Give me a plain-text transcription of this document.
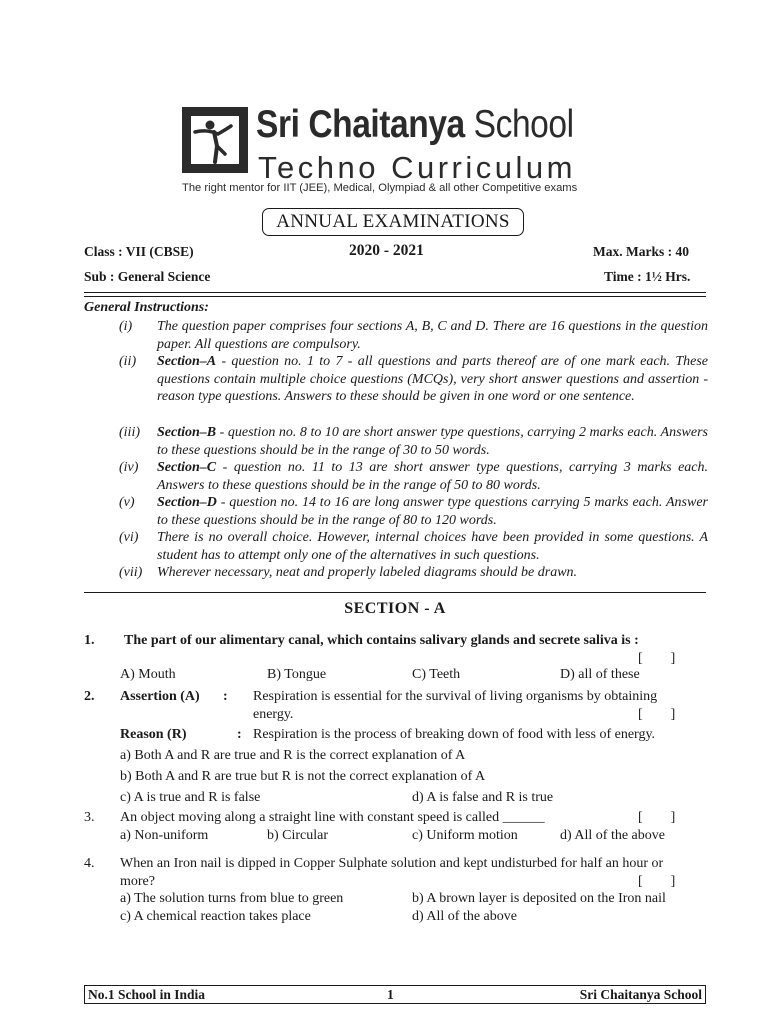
Sri Chaitanya School
Techno Curriculum
The right mentor for IIT (JEE), Medical, Olympiad & all other Competitive exams
ANNUAL EXAMINATIONS
Class : VII (CBSE)	2020 - 2021	Max. Marks : 40
Sub : General Science	Time : 1½ Hrs.
General Instructions:
(i) The question paper comprises four sections A, B, C and D. There are 16 questions in the question paper. All questions are compulsory.
(ii) Section–A - question no. 1 to 7 - all questions and parts thereof are of one mark each. These questions contain multiple choice questions (MCQs), very short answer questions and assertion - reason type questions. Answers to these should be given in one word or one sentence.
(iii) Section–B - question no. 8 to 10 are short answer type questions, carrying 2 marks each. Answers to these questions should be in the range of 30 to 50 words.
(iv) Section–C - question no. 11 to 13 are short answer type questions, carrying 3 marks each. Answers to these questions should be in the range of 50 to 80 words.
(v) Section–D - question no. 14 to 16 are long answer type questions carrying 5 marks each. Answer to these questions should be in the range of 80 to 120 words.
(vi) There is no overall choice. However, internal choices have been provided in some questions. A student has to attempt only one of the alternatives in such questions.
(vii) Wherever necessary, neat and properly labeled diagrams should be drawn.
SECTION - A
1. The part of our alimentary canal, which contains salivary glands and secrete saliva is :
[        ]
A) Mouth	B) Tongue	C) Teeth	D) all of these
2. Assertion (A) : Respiration is essential for the survival of living organisms by obtaining
energy.	[        ]
Reason (R)	: Respiration is the process of breaking down of food with less of energy.
a) Both A and R are true and R is the correct explanation of A
b) Both A and R are true but R is not the correct explanation of A
c) A is true and R is false	d) A is false and R is true
3. An object moving along a straight line with constant speed is called ______	[        ]
a) Non-uniform	b) Circular	c) Uniform motion	d) All of the above
4. When an Iron nail is dipped in Copper Sulphate solution and kept undisturbed for half an hour or
more?	[        ]
a) The solution turns from blue to green	b) A brown layer is deposited on the Iron nail
c) A chemical reaction takes place	d) All of the above
No.1 School in India	1	Sri Chaitanya School
